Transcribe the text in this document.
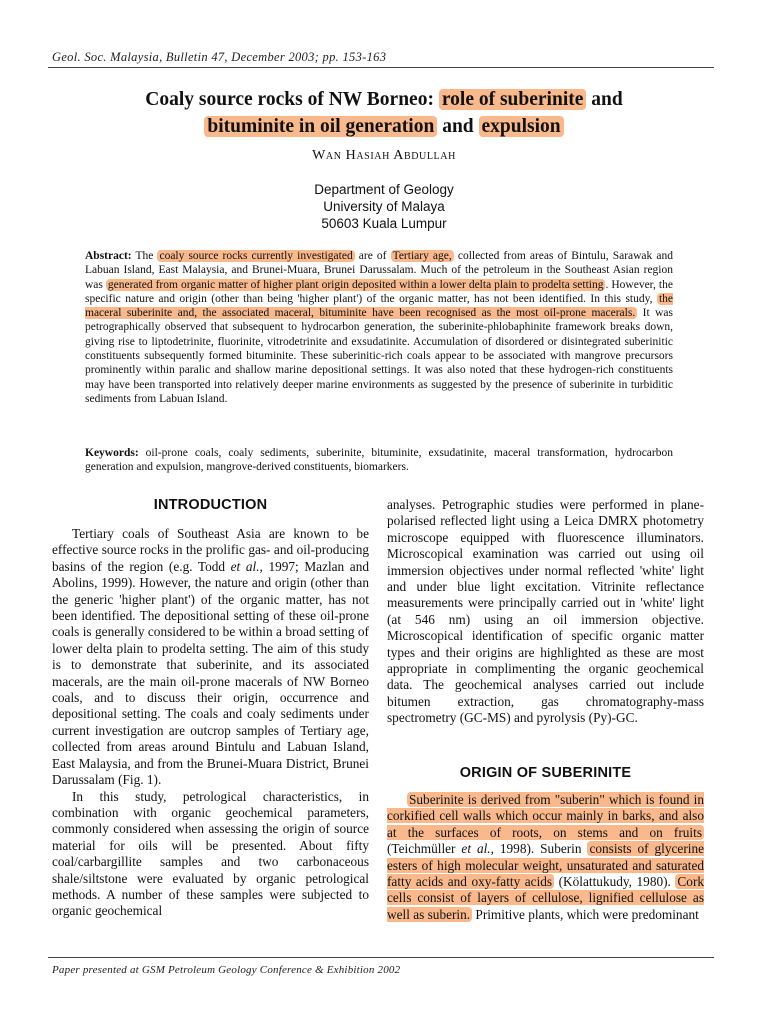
Geol. Soc. Malaysia, Bulletin 47, December 2003; pp. 153-163
Coaly source rocks of NW Borneo: role of suberinite and
bituminite in oil generation and expulsion
Wan Hasiah Abdullah
Department of Geology
University of Malaya
50603 Kuala Lumpur
Abstract: The coaly source rocks currently investigated are of Tertiary age, collected from areas of Bintulu, Sarawak and Labuan Island, East Malaysia, and Brunei-Muara, Brunei Darussalam. Much of the petroleum in the Southeast Asian region was generated from organic matter of higher plant origin deposited within a lower delta plain to prodelta setting . However, the specific nature and origin (other than being 'higher plant') of the organic matter, has not been identified. In this study, the maceral suberinite and, the associated maceral, bituminite have been recognised as the most oil-prone macerals. It was petrographically observed that subsequent to hydrocarbon generation, the suberinite-phlobaphinite framework breaks down, giving rise to liptodetrinite, fluorinite, vitrodetrinite and exsudatinite. Accumulation of disordered or disintegrated suberinitic constituents subsequently formed bituminite. These suberinitic-rich coals appear to be associated with mangrove precursors prominently within paralic and shallow marine depositional settings. It was also noted that these hydrogen-rich constituents may have been transported into relatively deeper marine environments as suggested by the presence of suberinite in turbiditic sediments from Labuan Island.
Keywords: oil-prone coals, coaly sediments, suberinite, bituminite, exsudatinite, maceral transformation, hydrocarbon generation and expulsion, mangrove-derived constituents, biomarkers.
INTRODUCTION

Tertiary coals of Southeast Asia are known to be effective source rocks in the prolific gas- and oil-producing basins of the region (e.g. Todd et al., 1997; Mazlan and Abolins, 1999). However, the nature and origin (other than the generic 'higher plant') of the organic matter, has not been identified. The depositional setting of these oil-prone coals is generally considered to be within a broad setting of lower delta plain to prodelta setting. The aim of this study is to demonstrate that suberinite, and its associated macerals, are the main oil-prone macerals of NW Borneo coals, and to discuss their origin, occurrence and depositional setting. The coals and coaly sediments under current investigation are outcrop samples of Tertiary age, collected from areas around Bintulu and Labuan Island, East Malaysia, and from the Brunei-Muara District, Brunei Darussalam (Fig. 1).

In this study, petrological characteristics, in combination with organic geochemical parameters, commonly considered when assessing the origin of source material for oils will be presented. About fifty coal/carbargillite samples and two carbonaceous shale/siltstone were evaluated by organic petrological methods. A number of these samples were subjected to organic geochemical

analyses. Petrographic studies were performed in plane-polarised reflected light using a Leica DMRX photometry microscope equipped with fluorescence illuminators. Microscopical examination was carried out using oil immersion objectives under normal reflected 'white' light and under blue light excitation. Vitrinite reflectance measurements were principally carried out in 'white' light (at 546 nm) using an oil immersion objective. Microscopical identification of specific organic matter types and their origins are highlighted as these are most appropriate in complimenting the organic geochemical data. The geochemical analyses carried out include bitumen extraction, gas chromatography-mass spectrometry (GC-MS) and pyrolysis (Py)-GC.

ORIGIN OF SUBERINITE

Suberinite is derived from "suberin" which is found in corkified cell walls which occur mainly in barks, and also at the surfaces of roots, on stems and on fruits (Teichmüller et al., 1998). Suberin consists of glycerine esters of high molecular weight, unsaturated and saturated fatty acids and oxy-fatty acids (Kölattukudy, 1980). Cork cells consist of layers of cellulose, lignified cellulose as well as suberin. Primitive plants, which were predominant

Paper presented at GSM Petroleum Geology Conference & Exhibition 2002
